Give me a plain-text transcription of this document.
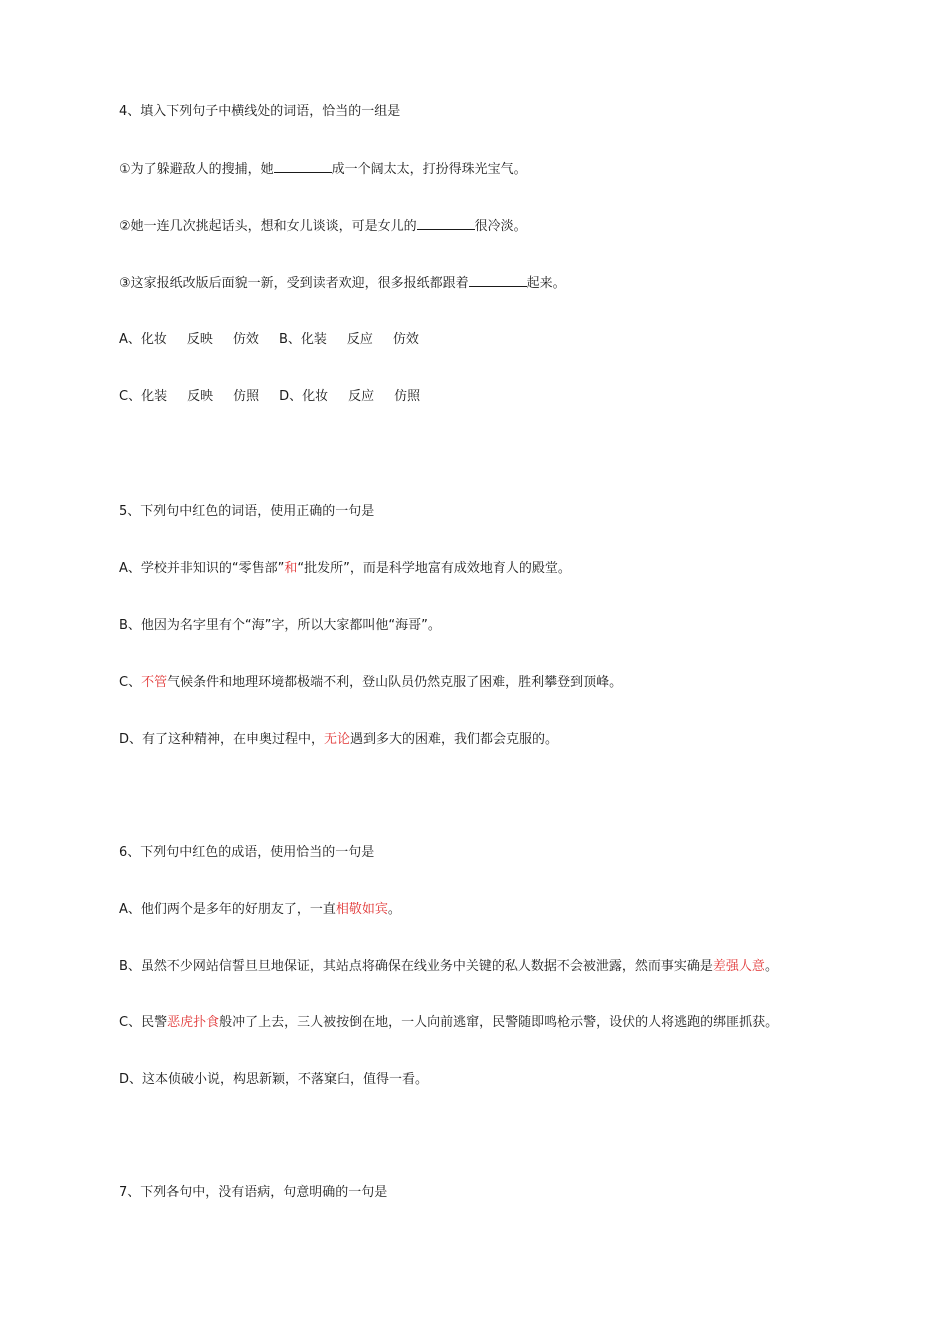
4、填入下列句子中横线处的词语，恰当的一组是
①为了躲避敌人的搜捕，她	成一个阔太太，打扮得珠光宝气。
②她一连几次挑起话头，想和女儿谈谈，可是女儿的	很冷淡。
③这家报纸改版后面貌一新，受到读者欢迎，很多报纸都跟着	起来。
A、化妆 反映 仿效 B、化装 反应 仿效
C、化装 反映 仿照 D、化妆 反应 仿照
5、下列句中红色的词语，使用正确的一句是
A、学校并非知识的“零售部”和“批发所”，而是科学地富有成效地育人的殿堂。
B、他因为名字里有个“海”字，所以大家都叫他“海哥”。
C、不管气候条件和地理环境都极端不利，登山队员仍然克服了困难，胜利攀登到顶峰。
D、有了这种精神，在申奥过程中，无论遇到多大的困难，我们都会克服的。
6、下列句中红色的成语，使用恰当的一句是
A、他们两个是多年的好朋友了，一直相敬如宾。
B、虽然不少网站信誓旦旦地保证，其站点将确保在线业务中关键的私人数据不会被泄露，然而事实确是差强人意。
C、民警恶虎扑食般冲了上去，三人被按倒在地，一人向前逃窜，民警随即鸣枪示警，设伏的人将逃跑的绑匪抓获。
D、这本侦破小说，构思新颖，不落窠臼，值得一看。
7、下列各句中，没有语病，句意明确的一句是
